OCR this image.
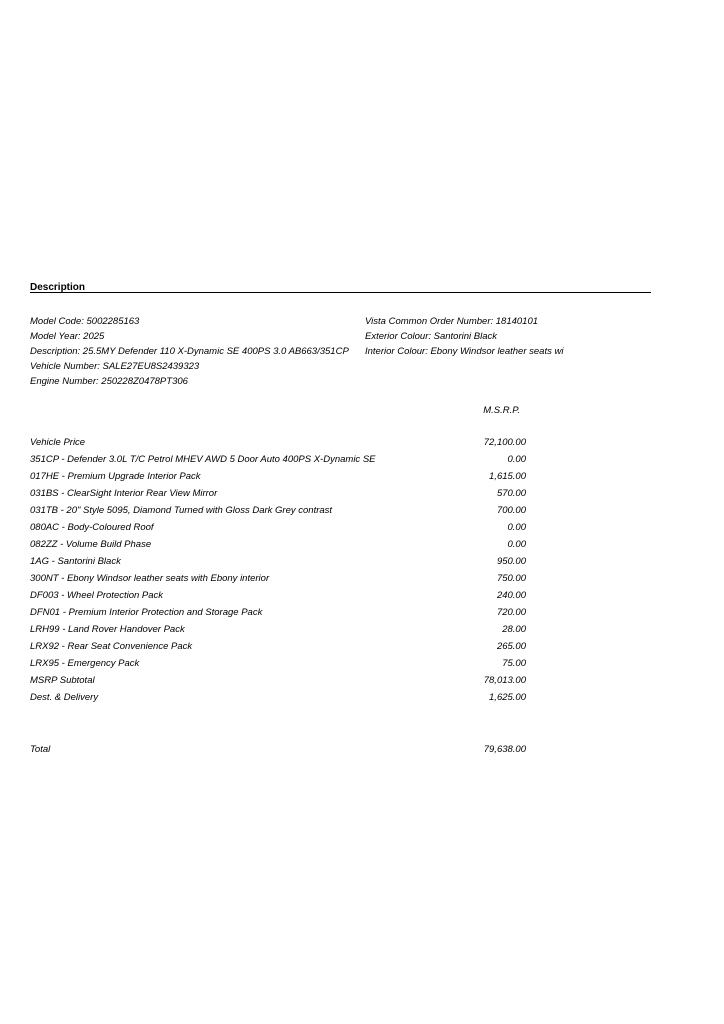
Description
Model Code: 5002285163
Model Year: 2025
Description: 25.5MY Defender 110 X-Dynamic SE 400PS 3.0 AB663/351CP
Vehicle Number: SALE27EU8S2439323
Engine Number: 250228Z0478PT306
Vista Common Order Number: 18140101
Exterior Colour: Santorini Black
Interior Colour: Ebony Windsor leather seats wi
M.S.R.P.
Vehicle Price	72,100.00
351CP - Defender 3.0L T/C Petrol MHEV AWD 5 Door Auto 400PS X-Dynamic SE	0.00
017HE - Premium Upgrade Interior Pack	1,615.00
031BS - ClearSight Interior Rear View Mirror	570.00
031TB - 20" Style 5095, Diamond Turned with Gloss Dark Grey contrast	700.00
080AC - Body-Coloured Roof	0.00
082ZZ - Volume Build Phase	0.00
1AG - Santorini Black	950.00
300NT - Ebony Windsor leather seats with Ebony interior	750.00
DF003 - Wheel Protection Pack	240.00
DFN01 - Premium Interior Protection and Storage Pack	720.00
LRH99 - Land Rover Handover Pack	28.00
LRX92 - Rear Seat Convenience Pack	265.00
LRX95 - Emergency Pack	75.00
MSRP Subtotal	78,013.00
Dest. & Delivery	1,625.00
Total	79,638.00
